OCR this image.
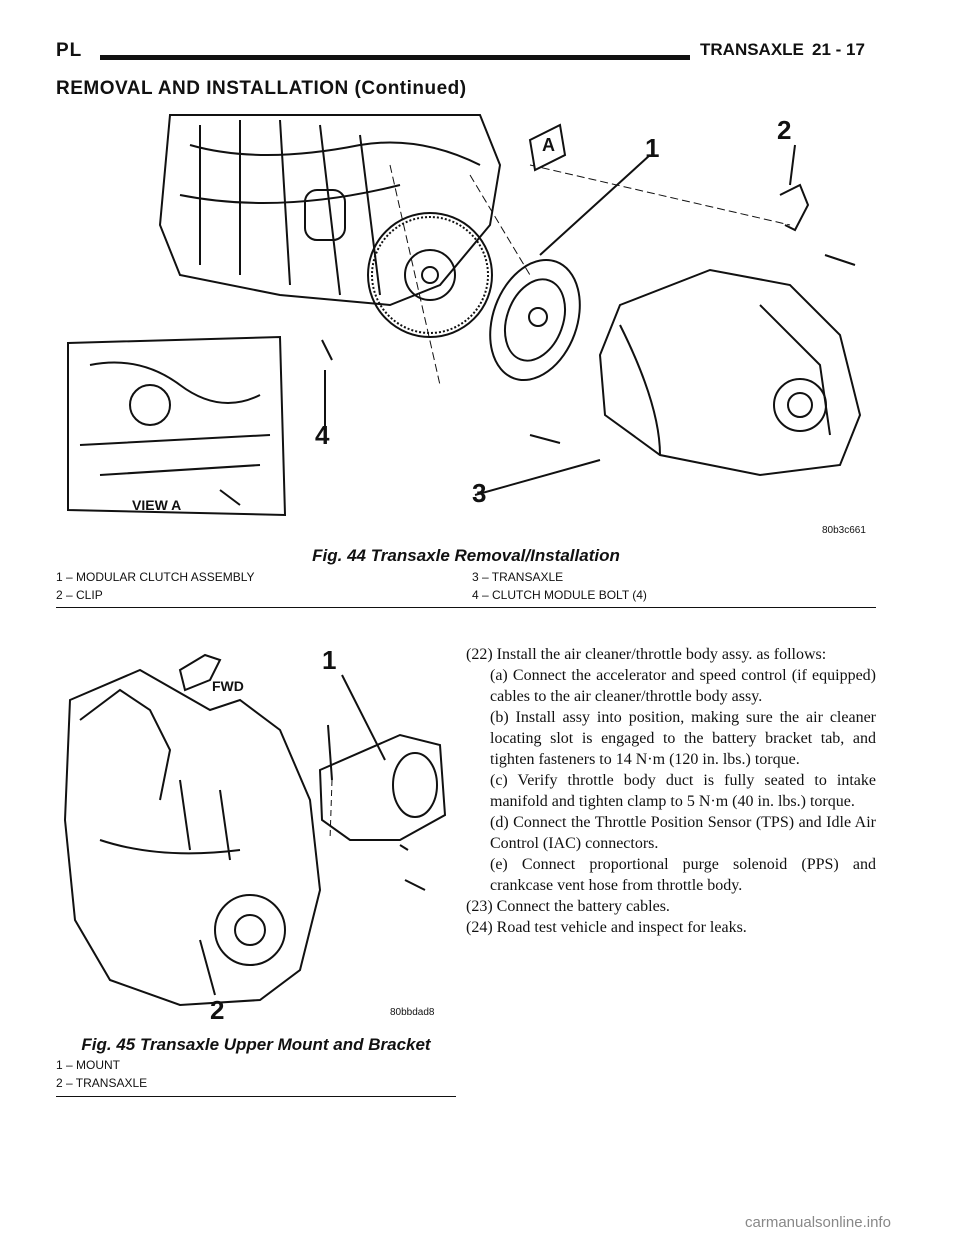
PL	TRANSAXLE 21 - 17
REMOVAL AND INSTALLATION (Continued)
A	1
2
3
4
VIEW A
80b3c661
Fig. 44 Transaxle Removal/Installation
1 – MODULAR CLUTCH ASSEMBLY
2 – CLIP
3 – TRANSAXLE
4 – CLUTCH MODULE BOLT (4)
1
2
FWD
80bbdad8
Fig. 45 Transaxle Upper Mount and Bracket
1 – MOUNT
2 – TRANSAXLE

(22) Install the air cleaner/throttle body assy. as follows:

(a) Connect the accelerator and speed control (if equipped) cables to the air cleaner/throttle body assy.

(b) Install assy into position, making sure the air cleaner locating slot is engaged to the battery bracket tab, and tighten fasteners to 14 N·m (120 in. lbs.) torque.

(c) Verify throttle body duct is fully seated to intake manifold and tighten clamp to 5 N·m (40 in. lbs.) torque.

(d) Connect the Throttle Position Sensor (TPS) and Idle Air Control (IAC) connectors.

(e) Connect proportional purge solenoid (PPS) and crankcase vent hose from throttle body.

(23) Connect the battery cables.

(24) Road test vehicle and inspect for leaks.

carmanualsonline.info
